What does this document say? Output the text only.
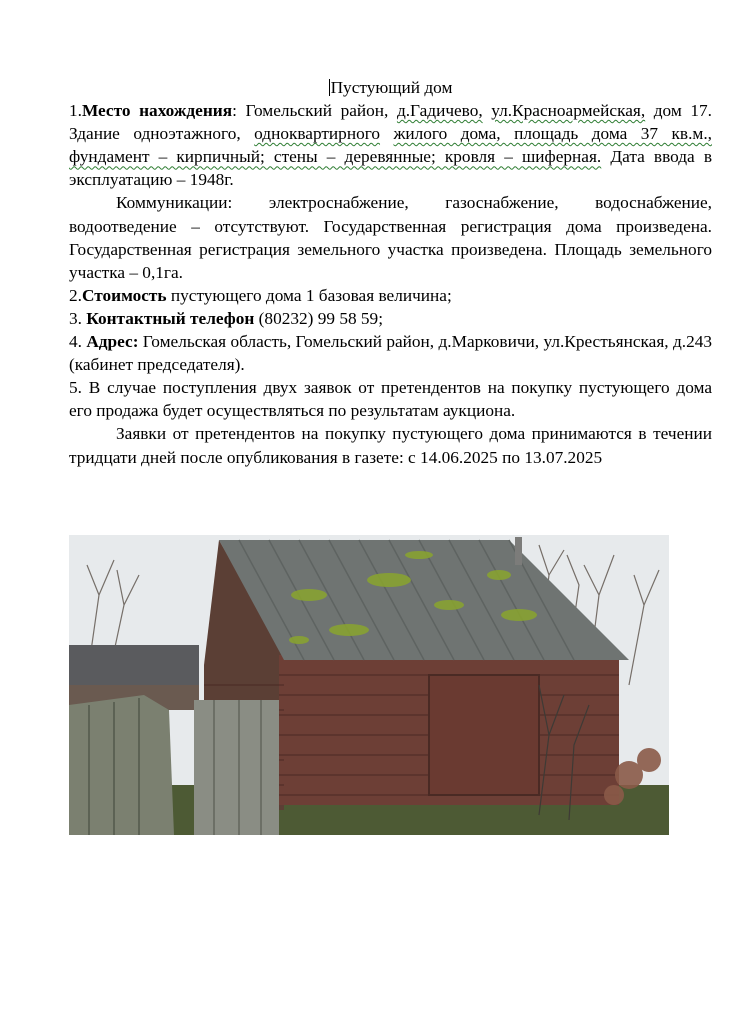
Пустующий дом

1.Место нахождения: Гомельский район, д.Гадичево, ул.Красноармейская, дом 17. Здание одноэтажного, одноквартирного жилого дома, площадь дома 37 кв.м., фундамент – кирпичный; стены – деревянные; кровля – шиферная. Дата ввода в эксплуатацию – 1948г.

Коммуникации: электроснабжение, газоснабжение, водоснабжение, водоотведение – отсутствуют. Государственная регистрация дома произведена. Государственная регистрация земельного участка произведена. Площадь земельного участка – 0,1га.

2.Стоимость пустующего дома 1 базовая величина;

3. Контактный телефон (80232) 99 58 59;

4. Адрес: Гомельская область, Гомельский район, д.Марковичи, ул.Крестьянская, д.243 (кабинет председателя).

5. В случае поступления двух заявок от претендентов на покупку пустующего дома его продажа будет осуществляться по результатам аукциона.

Заявки от претендентов на покупку пустующего дома принимаются в течении тридцати дней после опубликования в газете: с 14.06.2025 по 13.07.2025
